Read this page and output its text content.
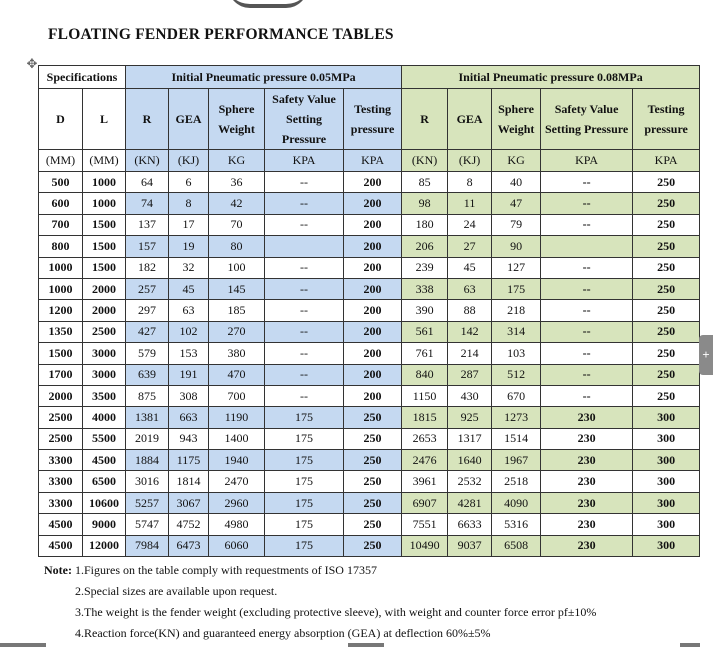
FLOATING FENDER PERFORMANCE TABLES
✥
Specifications		Initial Pneumatic pressure 0.05MPa					Initial Pneumatic pressure 0.08MPa				
D	L	R	GEA	Sphere Weight	Safety Value Setting Pressure	Testing pressure	R	GEA	Sphere Weight	Safety Value Setting Pressure	Testing pressure
(MM)	(MM)	(KN)	(KJ)	KG	KPA	KPA	(KN)	(KJ)	KG	KPA	KPA
500	1000	64	6	36	--	200	85	8	40	--	250
600	1000	74	8	42	--	200	98	11	47	--	250
700	1500	137	17	70	--	200	180	24	79	--	250
800	1500	157	19	80		200	206	27	90		250
1000	1500	182	32	100	--	200	239	45	127	--	250
1000	2000	257	45	145	--	200	338	63	175	--	250
1200	2000	297	63	185	--	200	390	88	218	--	250
1350	2500	427	102	270	--	200	561	142	314	--	250
1500	3000	579	153	380	--	200	761	214	103	--	250
1700	3000	639	191	470	--	200	840	287	512	--	250
2000	3500	875	308	700	--	200	1150	430	670	--	250
2500	4000	1381	663	1190	175	250	1815	925	1273	230	300
2500	5500	2019	943	1400	175	250	2653	1317	1514	230	300
3300	4500	1884	1175	1940	175	250	2476	1640	1967	230	300
3300	6500	3016	1814	2470	175	250	3961	2532	2518	230	300
3300	10600	5257	3067	2960	175	250	6907	4281	4090	230	300
4500	9000	5747	4752	4980	175	250	7551	6633	5316	230	300
4500	12000	7984	6473	6060	175	250	10490	9037	6508	230	300
Note: 1.Figures on the table comply with requestments of ISO 17357
2.Special sizes are available upon request.
3.The weight is the fender weight (excluding protective sleeve), with weight and counter force error pf±10%
4.Reaction force(KN) and guaranteed energy absorption (GEA) at deflection 60%±5%
+
